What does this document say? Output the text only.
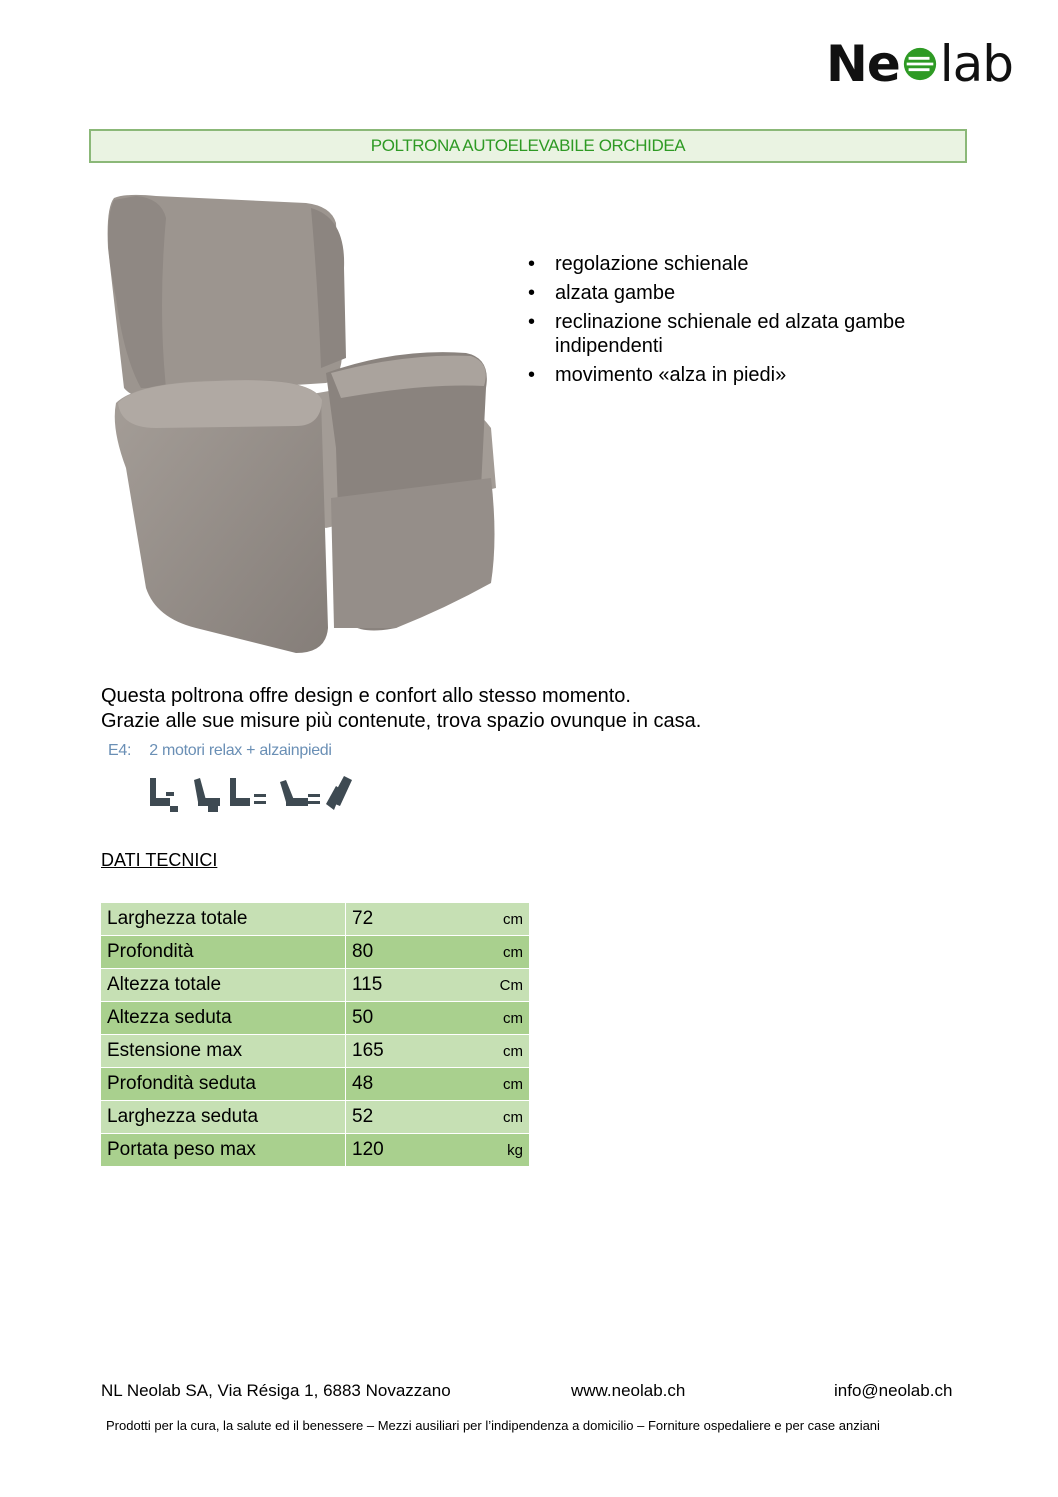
Ne lab
POLTRONA AUTOELEVABILE ORCHIDEA
• regolazione schienale
• alzata gambe
• reclinazione schienale ed alzata gambe indipendenti
• movimento «alza in piedi»
Questa poltrona offre design e confort allo stesso momento.
Grazie alle sue misure più contenute, trova spazio ovunque in casa.
E4: 2 motori relax + alzainpiedi
DATI TECNICI
Larghezza totale	72	cm
Profondità	80	cm
Altezza totale	115	Cm
Altezza seduta	50	cm
Estensione max	165	cm
Profondità seduta	48	cm
Larghezza seduta	52	cm
Portata peso max	120	kg
NL Neolab SA, Via Résiga 1, 6883 Novazzano	www.neolab.ch	info@neolab.ch
Prodotti per la cura, la salute ed il benessere – Mezzi ausiliari per l’indipendenza a domicilio – Forniture ospedaliere e per case anziani
